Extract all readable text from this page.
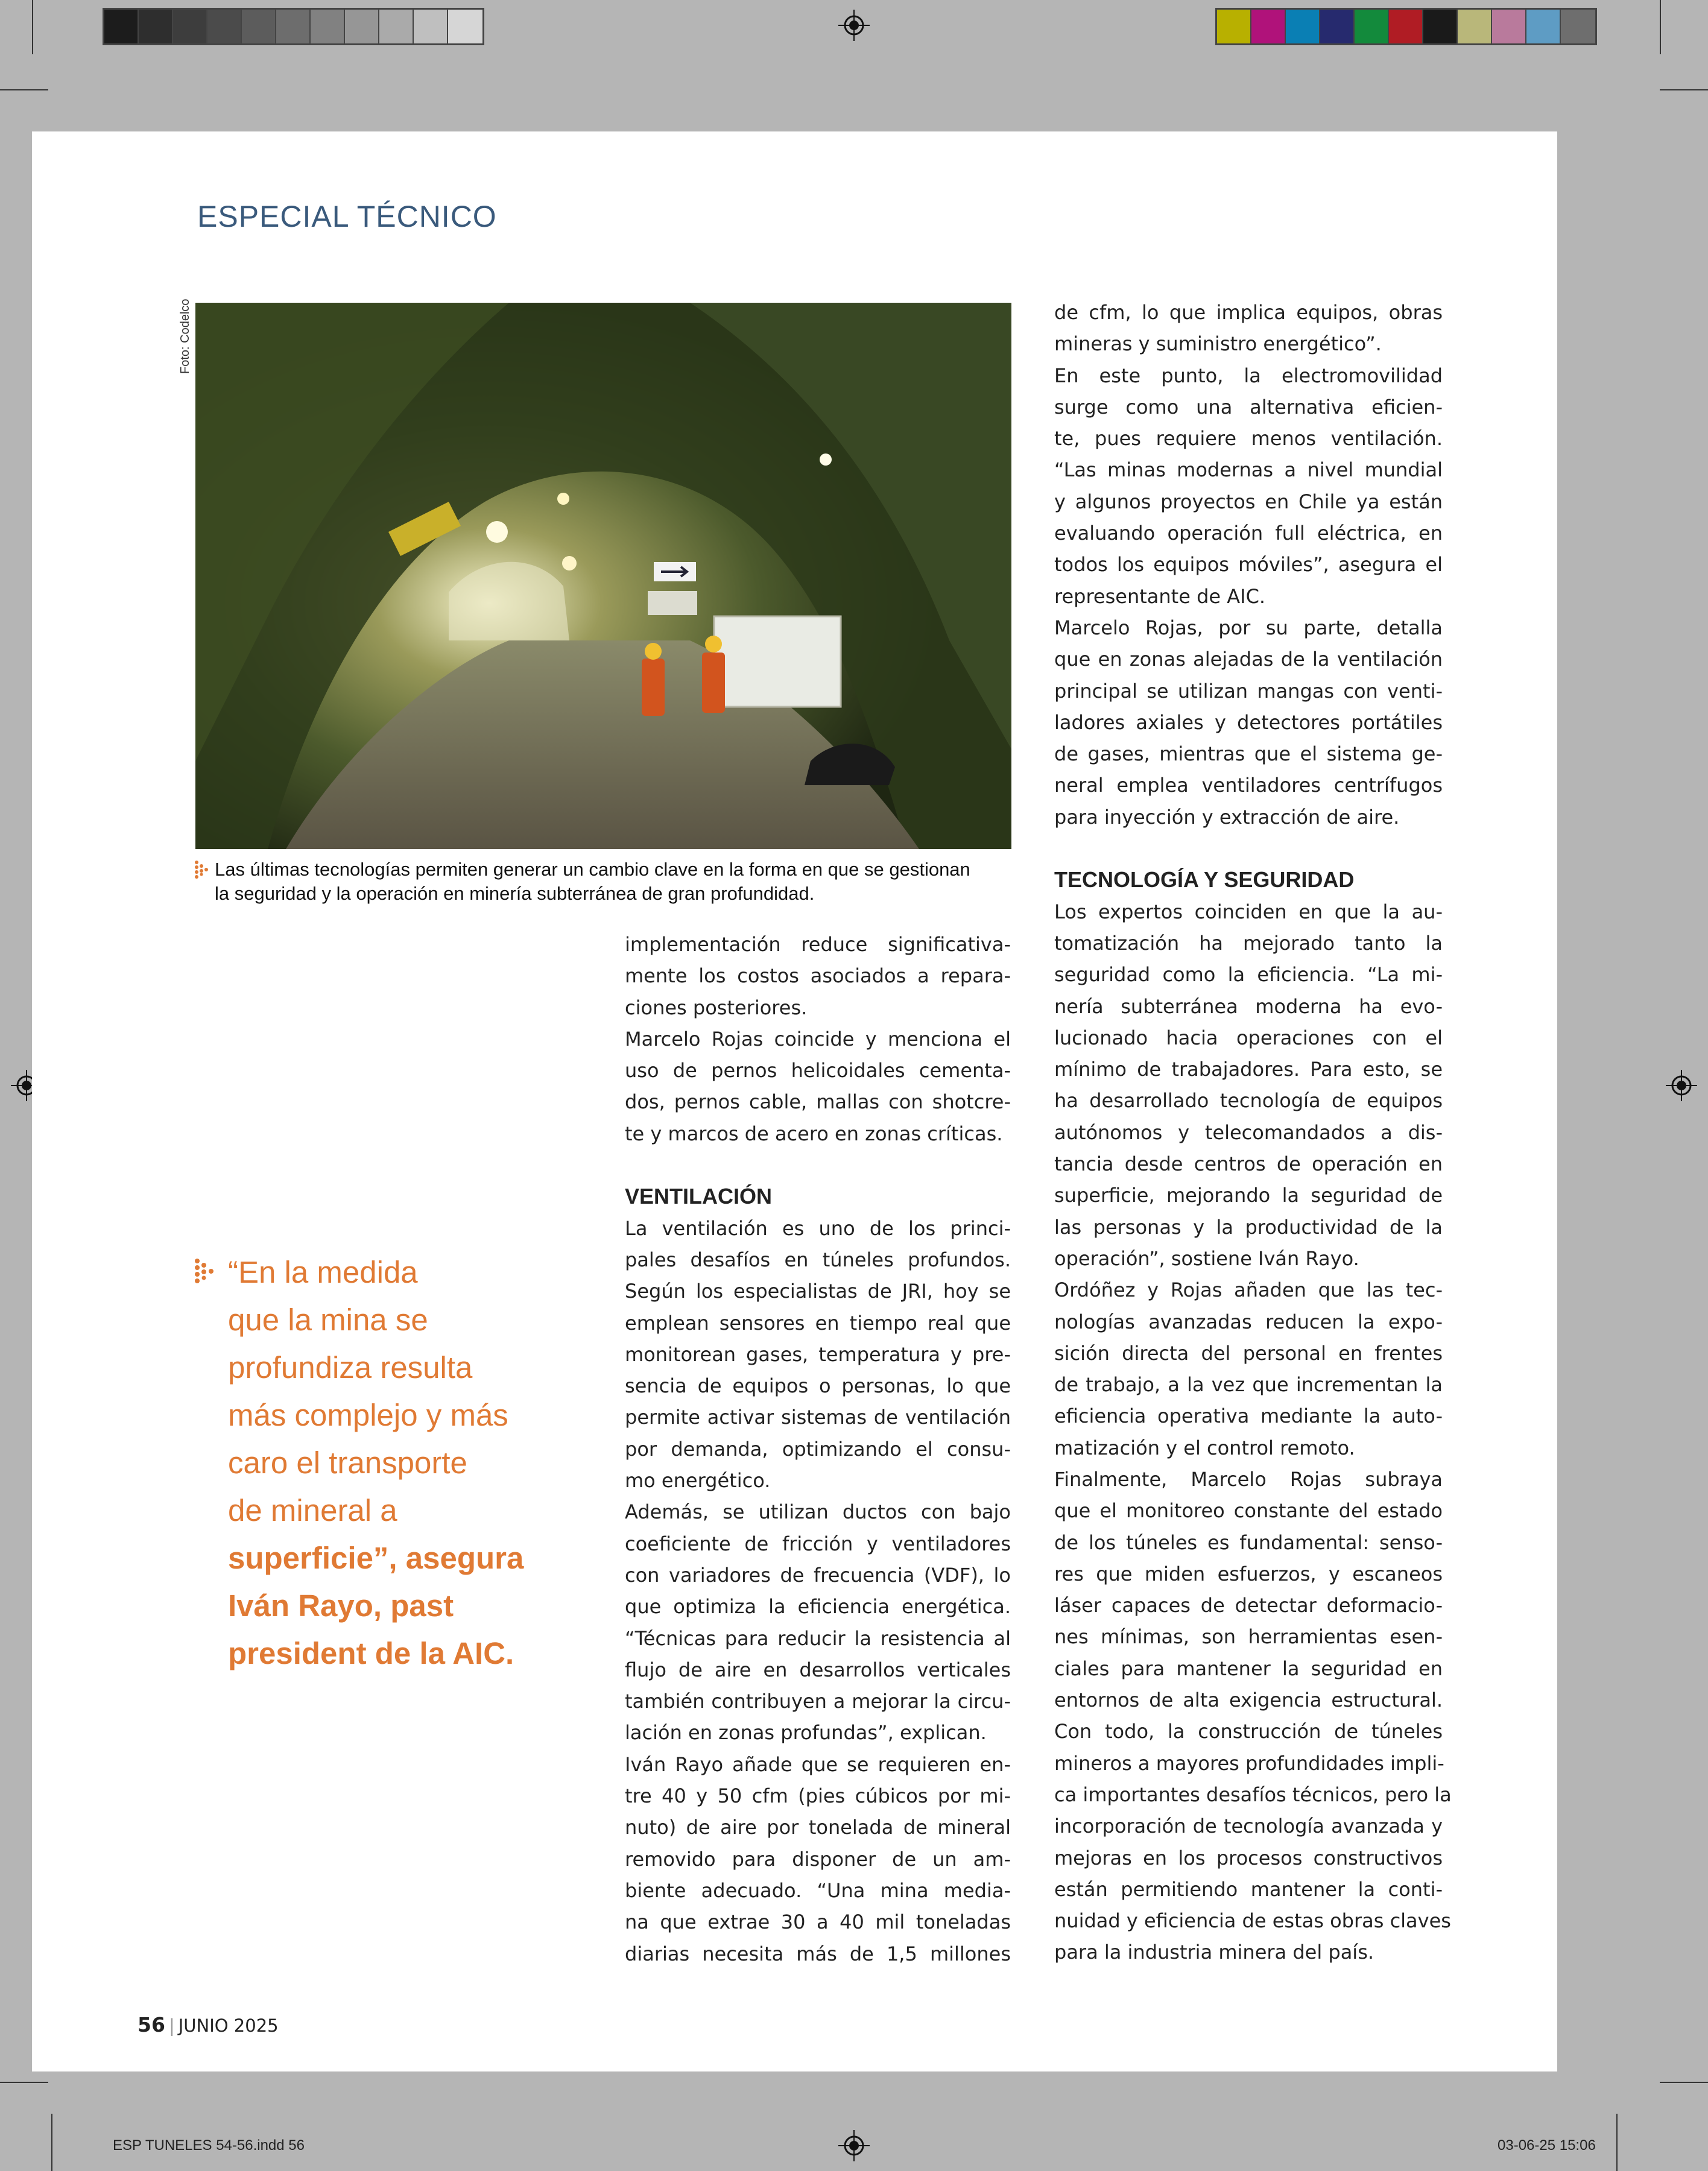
ESPECIAL TÉCNICO
Foto: Codelco
Las últimas tecnologías permiten generar un cambio clave en la forma en que se gestionan
la seguridad y la operación en minería subterránea de gran profundidad.
“En la medida
que la mina se
profundiza resulta
más complejo y más
caro el transporte
de mineral a
superficie”, asegura
Iván Rayo, past
president de la AIC.
implementación reduce significativa-
mente los costos asociados a repara-
ciones posteriores.
Marcelo Rojas coincide y menciona el
uso de pernos helicoidales cementa-
dos, pernos cable, mallas con shotcre-
te y marcos de acero en zonas críticas.
VENTILACIÓN
La ventilación es uno de los princi-
pales desafíos en túneles profundos.
Según los especialistas de JRI, hoy se
emplean sensores en tiempo real que
monitorean gases, temperatura y pre-
sencia de equipos o personas, lo que
permite activar sistemas de ventilación
por demanda, optimizando el consu-
mo energético.
Además, se utilizan ductos con bajo
coeficiente de fricción y ventiladores
con variadores de frecuencia (VDF), lo
que optimiza la eficiencia energética.
“Técnicas para reducir la resistencia al
flujo de aire en desarrollos verticales
también contribuyen a mejorar la circu-
lación en zonas profundas”, explican.
Iván Rayo añade que se requieren en-
tre 40 y 50 cfm (pies cúbicos por mi-
nuto) de aire por tonelada de mineral
removido para disponer de un am-
biente adecuado. “Una mina media-
na que extrae 30 a 40 mil toneladas
diarias necesita más de 1,5 millones
de cfm, lo que implica equipos, obras
mineras y suministro energético”.
En este punto, la electromovilidad
surge como una alternativa eficien-
te, pues requiere menos ventilación.
“Las minas modernas a nivel mundial
y algunos proyectos en Chile ya están
evaluando operación full eléctrica, en
todos los equipos móviles”, asegura el
representante de AIC.
Marcelo Rojas, por su parte, detalla
que en zonas alejadas de la ventilación
principal se utilizan mangas con venti-
ladores axiales y detectores portátiles
de gases, mientras que el sistema ge-
neral emplea ventiladores centrífugos
para inyección y extracción de aire.
TECNOLOGÍA Y SEGURIDAD
Los expertos coinciden en que la au-
tomatización ha mejorado tanto la
seguridad como la eficiencia. “La mi-
nería subterránea moderna ha evo-
lucionado hacia operaciones con el
mínimo de trabajadores. Para esto, se
ha desarrollado tecnología de equipos
autónomos y telecomandados a dis-
tancia desde centros de operación en
superficie, mejorando la seguridad de
las personas y la productividad de la
operación”, sostiene Iván Rayo.
Ordóñez y Rojas añaden que las tec-
nologías avanzadas reducen la expo-
sición directa del personal en frentes
de trabajo, a la vez que incrementan la
eficiencia operativa mediante la auto-
matización y el control remoto.
Finalmente, Marcelo Rojas subraya
que el monitoreo constante del estado
de los túneles es fundamental: senso-
res que miden esfuerzos, y escaneos
láser capaces de detectar deformacio-
nes mínimas, son herramientas esen-
ciales para mantener la seguridad en
entornos de alta exigencia estructural.
Con todo, la construcción de túneles
mineros a mayores profundidades impli-
ca importantes desafíos técnicos, pero la
incorporación de tecnología avanzada y
mejoras en los procesos constructivos
están permitiendo mantener la conti-
nuidad y eficiencia de estas obras claves
para la industria minera del país.
56 | JUNIO 2025
ESP TUNELES 54-56.indd 56	03-06-25 15:06
